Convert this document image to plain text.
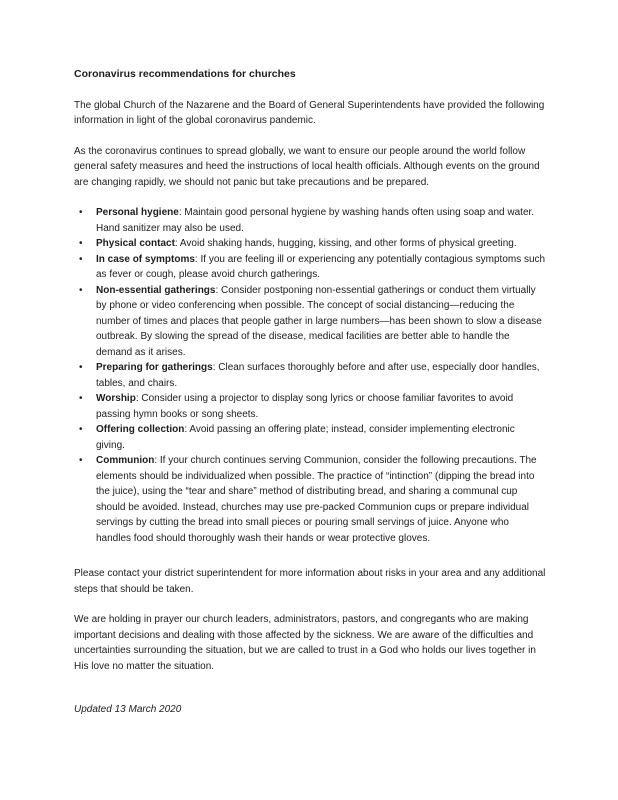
Coronavirus recommendations for churches

The global Church of the Nazarene and the Board of General Superintendents have provided the following information in light of the global coronavirus pandemic.

As the coronavirus continues to spread globally, we want to ensure our people around the world follow general safety measures and heed the instructions of local health officials. Although events on the ground are changing rapidly, we should not panic but take precautions and be prepared.

•	Personal hygiene: Maintain good personal hygiene by washing hands often using soap and water. Hand sanitizer may also be used.
•	Physical contact: Avoid shaking hands, hugging, kissing, and other forms of physical greeting.
•	In case of symptoms: If you are feeling ill or experiencing any potentially contagious symptoms such as fever or cough, please avoid church gatherings.
•	Non-essential gatherings: Consider postponing non-essential gatherings or conduct them virtually by phone or video conferencing when possible. The concept of social distancing—reducing the number of times and places that people gather in large numbers—has been shown to slow a disease outbreak. By slowing the spread of the disease, medical facilities are better able to handle the demand as it arises.
•	Preparing for gatherings: Clean surfaces thoroughly before and after use, especially door handles, tables, and chairs.
•	Worship: Consider using a projector to display song lyrics or choose familiar favorites to avoid passing hymn books or song sheets.
•	Offering collection: Avoid passing an offering plate; instead, consider implementing electronic giving.
•	Communion: If your church continues serving Communion, consider the following precautions. The elements should be individualized when possible. The practice of “intinction” (dipping the bread into the juice), using the “tear and share” method of distributing bread, and sharing a communal cup should be avoided. Instead, churches may use pre-packed Communion cups or prepare individual servings by cutting the bread into small pieces or pouring small servings of juice. Anyone who handles food should thoroughly wash their hands or wear protective gloves.

Please contact your district superintendent for more information about risks in your area and any additional steps that should be taken.

We are holding in prayer our church leaders, administrators, pastors, and congregants who are making important decisions and dealing with those affected by the sickness. We are aware of the difficulties and uncertainties surrounding the situation, but we are called to trust in a God who holds our lives together in His love no matter the situation.

Updated 13 March 2020
